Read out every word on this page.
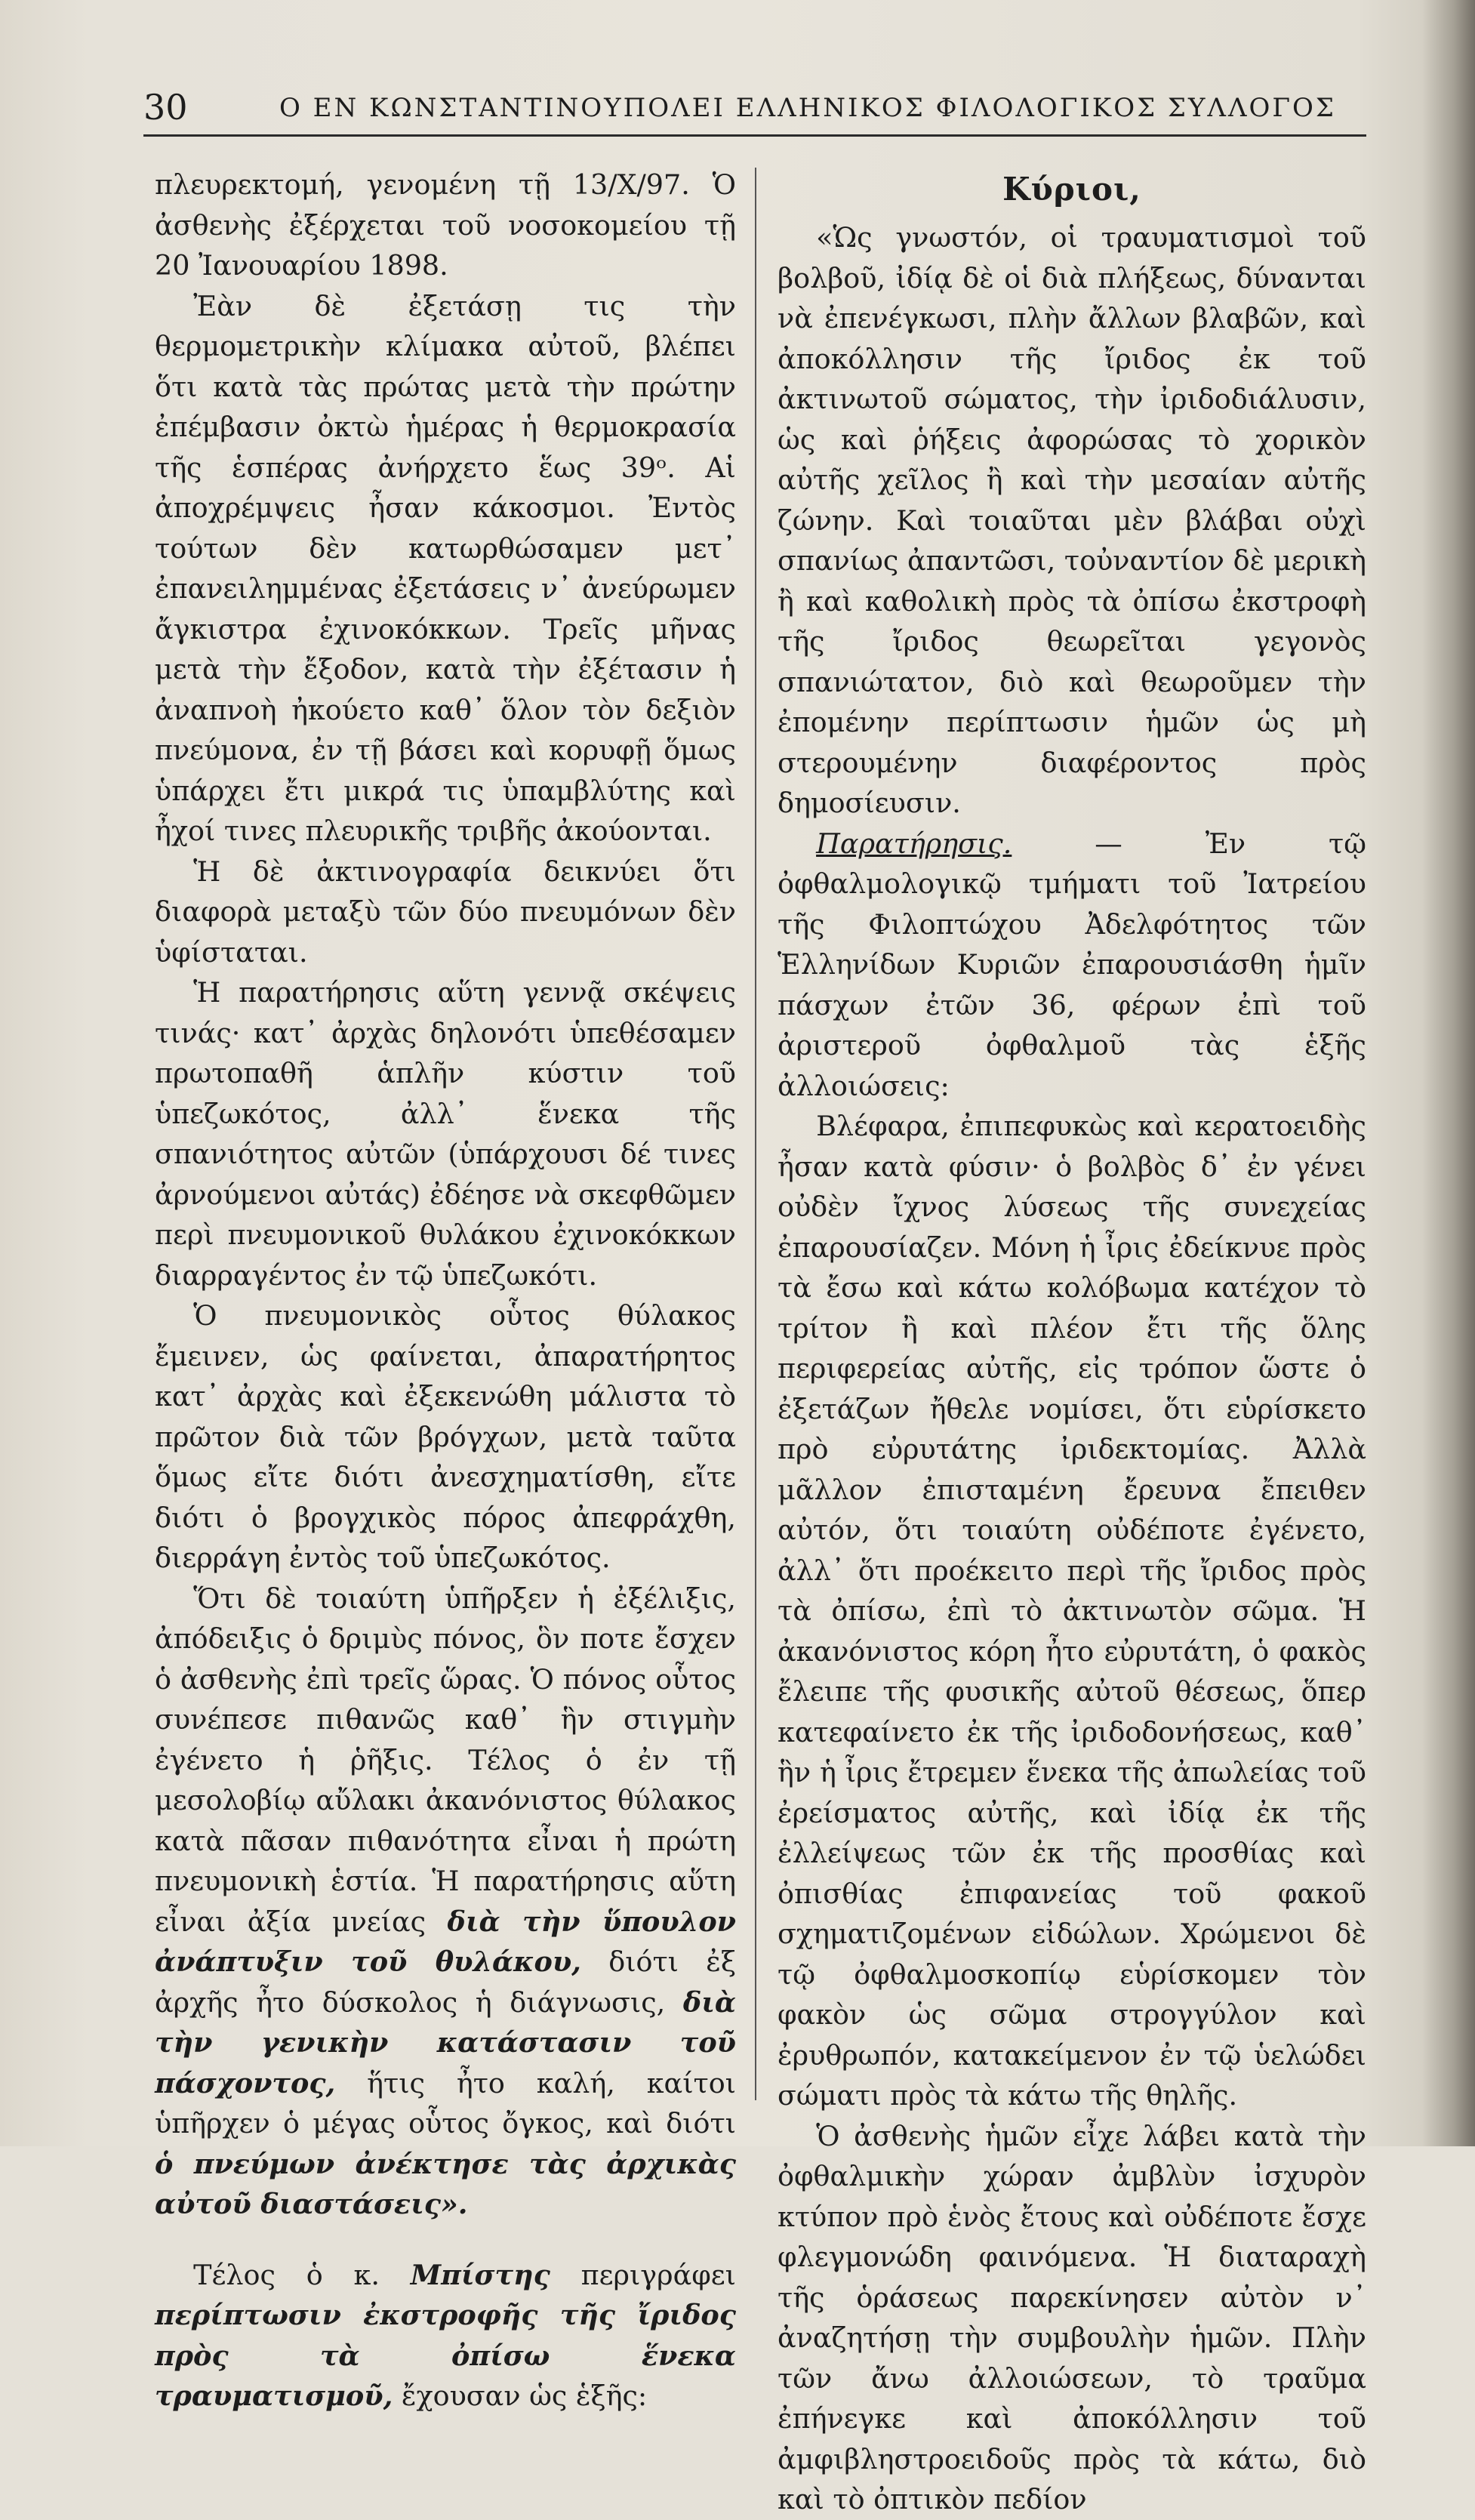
30	Ο ΕΝ ΚΩΝΣΤΑΝΤΙΝΟΥΠΟΛΕΙ ΕΛΛΗΝΙΚΟΣ ΦΙΛΟΛΟΓΙΚΟΣ ΣΥΛΛΟΓΟΣ

πλευρεκτομή, γενομένη τῇ 13/X/97. Ὁ ἀσθενὴς ἐξέρχεται τοῦ νοσοκομείου τῇ 20 Ἰανουαρίου 1898.

Ἐὰν δὲ ἐξετάσῃ τις τὴν θερμομετρικὴν κλίμακα αὐτοῦ, βλέπει ὅτι κατὰ τὰς πρώτας μετὰ τὴν πρώτην ἐπέμβασιν ὀκτὼ ἡμέρας ἡ θερμοκρασία τῆς ἑσπέρας ἀνήρχετο ἕως 39ᵒ. Αἱ ἀποχρέμψεις ἦσαν κάκοσμοι. Ἐντὸς τούτων δὲν κατωρθώσαμεν μετ᾽ ἐπανειλημμένας ἐξετάσεις ν᾽ ἀνεύρωμεν ἄγκιστρα ἐχινοκόκκων. Τρεῖς μῆνας μετὰ τὴν ἔξοδον, κατὰ τὴν ἐξέτασιν ἡ ἀναπνοὴ ἠκούετο καθ᾽ ὅλον τὸν δεξιὸν πνεύμονα, ἐν τῇ βάσει καὶ κορυφῇ ὅμως ὑπάρχει ἔτι μικρά τις ὑπαμβλύτης καὶ ἦχοί τινες πλευρικῆς τριβῆς ἀκούονται.

Ἡ δὲ ἀκτινογραφία δεικνύει ὅτι διαφορὰ μεταξὺ τῶν δύο πνευμόνων δὲν ὑφίσταται.

Ἡ παρατήρησις αὕτη γεννᾷ σκέψεις τινάς· κατ᾽ ἀρχὰς δηλονότι ὑπεθέσαμεν πρωτοπαθῆ ἁπλῆν κύστιν τοῦ ὑπεζωκότος, ἀλλ᾽ ἕνεκα τῆς σπανιότητος αὐτῶν (ὑπάρχουσι δέ τινες ἀρνούμενοι αὐτάς) ἐδέησε νὰ σκεφθῶμεν περὶ πνευμονικοῦ θυλάκου ἐχινοκόκκων διαρραγέντος ἐν τῷ ὑπεζωκότι.

Ὁ πνευμονικὸς οὗτος θύλακος ἔμεινεν, ὡς φαίνεται, ἀπαρατήρητος κατ᾽ ἀρχὰς καὶ ἐξεκενώθη μάλιστα τὸ πρῶτον διὰ τῶν βρόγχων, μετὰ ταῦτα ὅμως εἴτε διότι ἀνεσχηματίσθη, εἴτε διότι ὁ βρογχικὸς πόρος ἀπεφράχθη, διερράγη ἐντὸς τοῦ ὑπεζωκότος.

Ὅτι δὲ τοιαύτη ὑπῆρξεν ἡ ἐξέλιξις, ἀπόδειξις ὁ δριμὺς πόνος, ὃν ποτε ἔσχεν ὁ ἀσθενὴς ἐπὶ τρεῖς ὥρας. Ὁ πόνος οὗτος συνέπεσε πιθανῶς καθ᾽ ἣν στιγμὴν ἐγένετο ἡ ῥῆξις. Τέλος ὁ ἐν τῇ μεσολοβίῳ αὔλακι ἀκανόνιστος θύλακος κατὰ πᾶσαν πιθανότητα εἶναι ἡ πρώτη πνευμονικὴ ἑστία. Ἡ παρατήρησις αὕτη εἶναι ἀξία μνείας διὰ τὴν ὕπουλον ἀνάπτυξιν τοῦ θυλάκου, διότι ἐξ ἀρχῆς ἦτο δύσκολος ἡ διάγνωσις, διὰ τὴν γενικὴν κατάστασιν τοῦ πάσχοντος, ἥτις ἦτο καλή, καίτοι ὑπῆρχεν ὁ μέγας οὗτος ὄγκος, καὶ διότι ὁ πνεύμων ἀνέκτησε τὰς ἀρχικὰς αὐτοῦ διαστάσεις».

Τέλος ὁ κ. Μπίστης περιγράφει περίπτωσιν ἐκστροφῆς τῆς ἴριδος πρὸς τὰ ὀπίσω ἕνεκα τραυματισμοῦ, ἔχουσαν ὡς ἑξῆς:

Κύριοι,

«Ὡς γνωστόν, οἱ τραυματισμοὶ τοῦ βολβοῦ, ἰδίᾳ δὲ οἱ διὰ πλήξεως, δύνανται νὰ ἐπενέγκωσι, πλὴν ἄλλων βλαβῶν, καὶ ἀποκόλλησιν τῆς ἴριδος ἐκ τοῦ ἀκτινωτοῦ σώματος, τὴν ἰριδοδιάλυσιν, ὡς καὶ ῥήξεις ἀφορώσας τὸ χορικὸν αὐτῆς χεῖλος ἢ καὶ τὴν μεσαίαν αὐτῆς ζώνην. Καὶ τοιαῦται μὲν βλάβαι οὐχὶ σπανίως ἀπαντῶσι, τοὐναντίον δὲ μερικὴ ἢ καὶ καθολικὴ πρὸς τὰ ὀπίσω ἐκστροφὴ τῆς ἴριδος θεωρεῖται γεγονὸς σπανιώτατον, διὸ καὶ θεωροῦμεν τὴν ἐπομένην περίπτωσιν ἡμῶν ὡς μὴ στερουμένην διαφέροντος πρὸς δημοσίευσιν.

Παρατήρησις.	— Ἐν τῷ ὀφθαλμολογικῷ τμήματι τοῦ Ἰατρείου τῆς Φιλοπτώχου Ἀδελφότητος τῶν Ἑλληνίδων Κυριῶν ἐπαρουσιάσθη ἡμῖν πάσχων ἐτῶν 36, φέρων ἐπὶ τοῦ ἀριστεροῦ ὀφθαλμοῦ τὰς ἑξῆς ἀλλοιώσεις:

Βλέφαρα, ἐπιπεφυκὼς καὶ κερατοειδὴς ἦσαν κατὰ φύσιν· ὁ βολβὸς δ᾽ ἐν γένει οὐδὲν ἴχνος λύσεως τῆς συνεχείας ἐπαρουσίαζεν. Μόνη ἡ ἶρις ἐδείκνυε πρὸς τὰ ἔσω καὶ κάτω κολόβωμα κατέχον τὸ τρίτον ἢ καὶ πλέον ἔτι τῆς ὅλης περιφερείας αὐτῆς, εἰς τρόπον ὥστε ὁ ἐξετάζων ἤθελε νομίσει, ὅτι εὑρίσκετο πρὸ εὐρυτάτης ἰριδεκτομίας. Ἀλλὰ μᾶλλον ἐπισταμένη ἔρευνα ἔπειθεν αὐτόν, ὅτι τοιαύτη οὐδέποτε ἐγένετο, ἀλλ᾽ ὅτι προέκειτο περὶ τῆς ἴριδος πρὸς τὰ ὀπίσω, ἐπὶ τὸ ἀκτινωτὸν σῶμα. Ἡ ἀκανόνιστος κόρη ἦτο εὐρυτάτη, ὁ φακὸς ἔλειπε τῆς φυσικῆς αὐτοῦ θέσεως, ὅπερ κατεφαίνετο ἐκ τῆς ἰριδοδονήσεως, καθ᾽ ἣν ἡ ἶρις ἔτρεμεν ἕνεκα τῆς ἀπωλείας τοῦ ἐρείσματος αὐτῆς, καὶ ἰδίᾳ ἐκ τῆς ἐλλείψεως τῶν ἐκ τῆς προσθίας καὶ ὀπισθίας ἐπιφανείας τοῦ φακοῦ σχηματιζομένων εἰδώλων. Χρώμενοι δὲ τῷ ὀφθαλμοσκοπίῳ εὑρίσκομεν τὸν φακὸν ὡς σῶμα στρογγύλον καὶ ἐρυθρωπόν, κατακείμενον ἐν τῷ ὑελώδει σώματι πρὸς τὰ κάτω τῆς θηλῆς.

Ὁ ἀσθενὴς ἡμῶν εἶχε λάβει κατὰ τὴν ὀφθαλμικὴν χώραν ἀμβλὺν ἰσχυρὸν κτύπον πρὸ ἑνὸς ἔτους καὶ οὐδέποτε ἔσχε φλεγμονώδη φαινόμενα. Ἡ διαταραχὴ τῆς ὁράσεως παρεκίνησεν αὐτὸν ν᾽ ἀναζητήσῃ τὴν συμβουλὴν ἡμῶν. Πλὴν τῶν ἄνω ἀλλοιώσεων, τὸ τραῦμα ἐπήνεγκε καὶ ἀποκόλλησιν τοῦ ἀμφιβληστροειδοῦς πρὸς τὰ κάτω, διὸ καὶ τὸ ὀπτικὸν πεδίον
